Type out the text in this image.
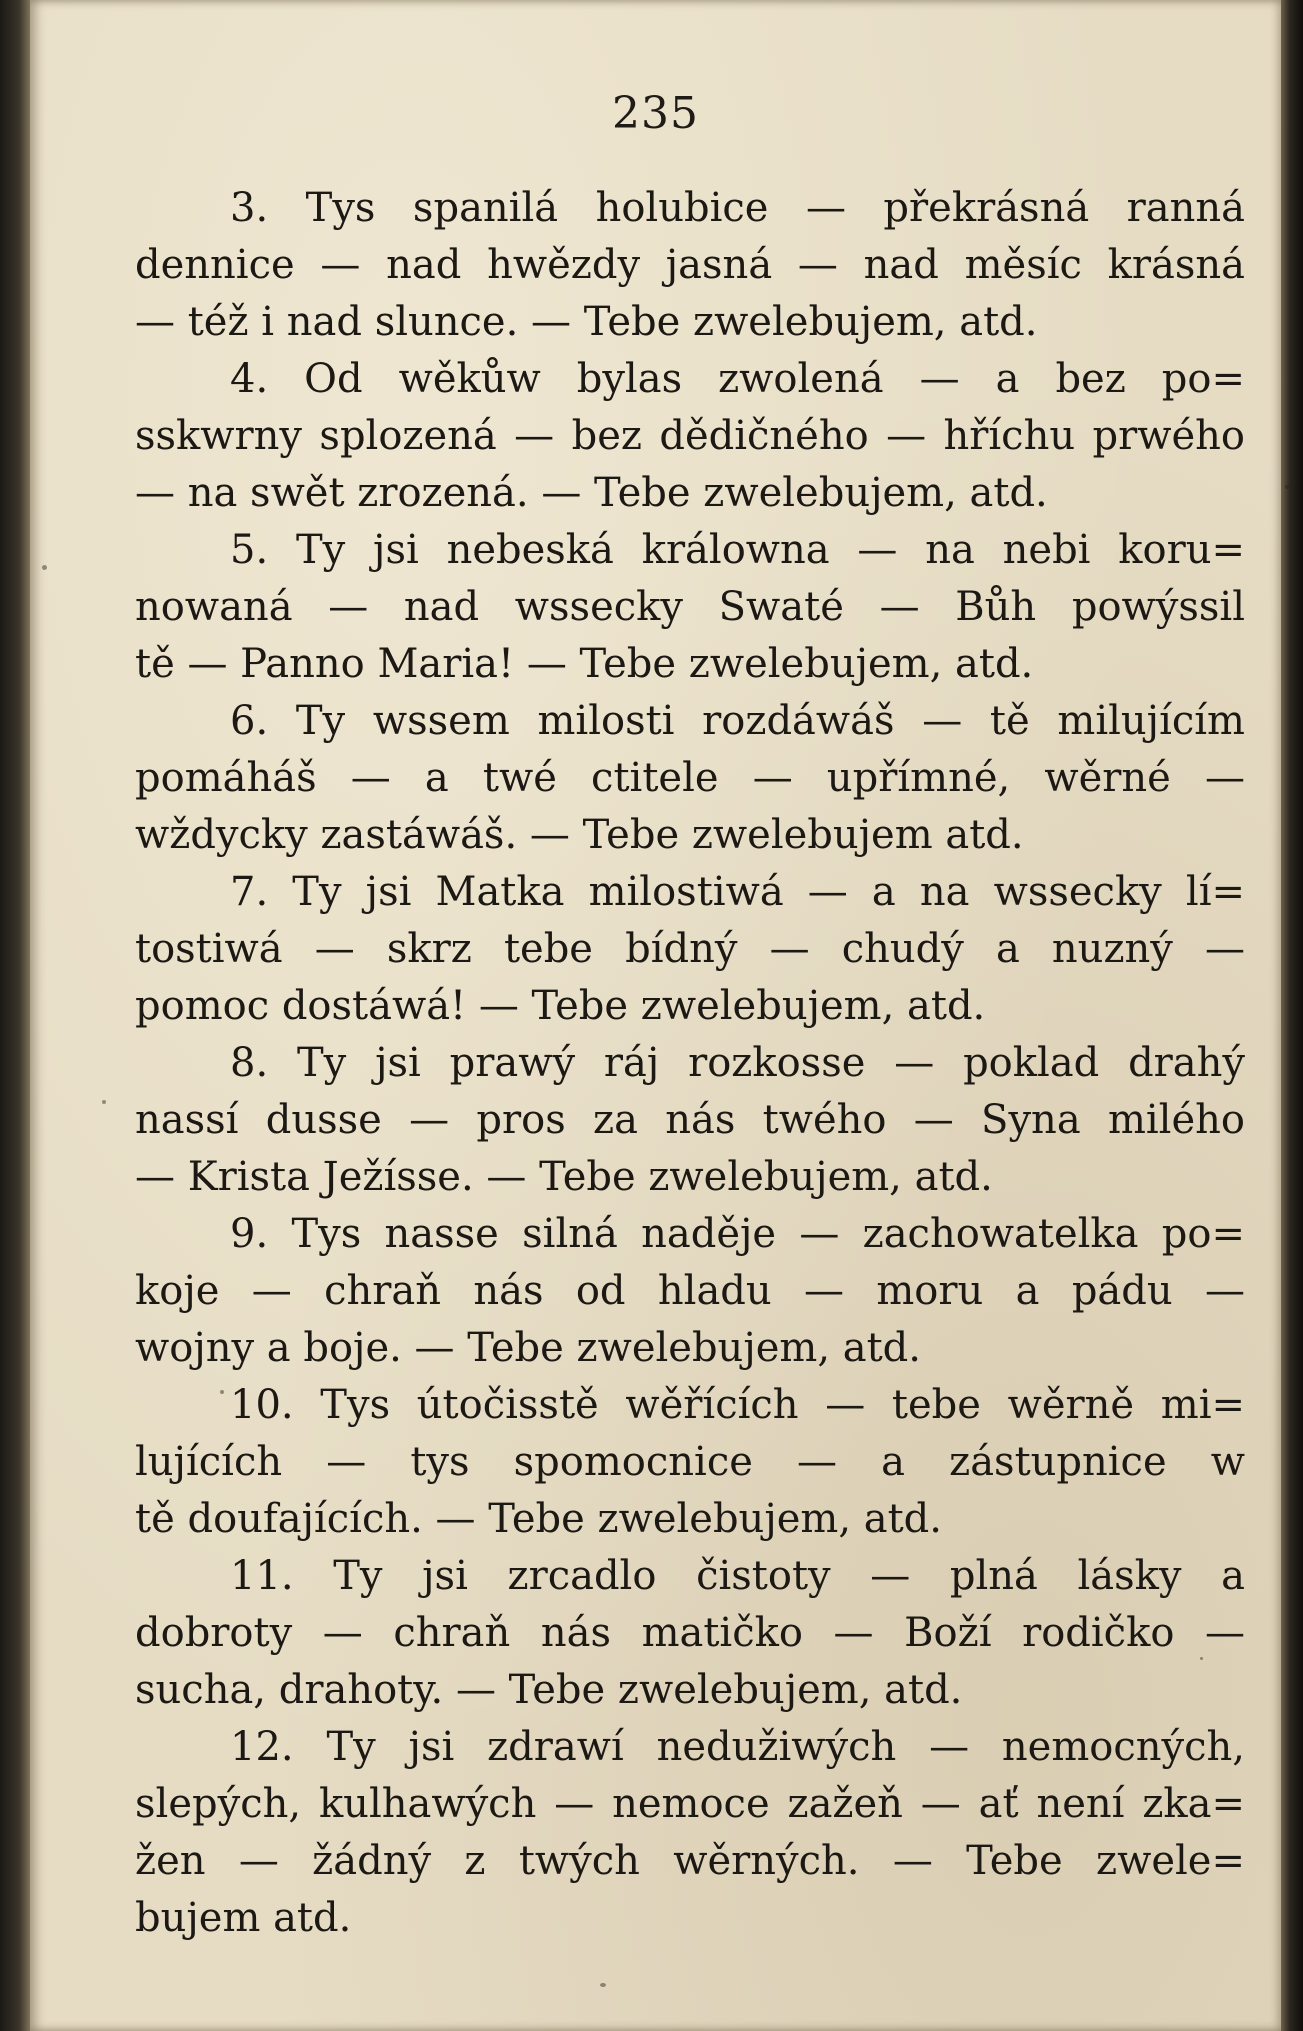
235
3. Tys spanilá holubice — překrásná ranná
dennice — nad hwězdy jasná — nad měsíc krásná
— též i nad slunce. — Tebe zwelebujem, atd.
4. Od wěkůw bylas zwolená — a bez po=
sskwrny splozená — bez dědičného — hříchu prwého
— na swět zrozená. — Tebe zwelebujem, atd.
5. Ty jsi nebeská králowna — na nebi koru=
nowaná — nad wssecky Swaté — Bůh powýssil
tě — Panno Maria! — Tebe zwelebujem, atd.
6. Ty wssem milosti rozdáwáš — tě milujícím
pomáháš — a twé ctitele — upřímné, wěrné —
wždycky zastáwáš. — Tebe zwelebujem atd.
7. Ty jsi Matka milostiwá — a na wssecky lí=
tostiwá — skrz tebe bídný — chudý a nuzný —
pomoc dostáwá! — Tebe zwelebujem, atd.
8. Ty jsi prawý ráj rozkosse — poklad drahý
nassí dusse — pros za nás twého — Syna milého
— Krista Ježísse. — Tebe zwelebujem, atd.
9. Tys nasse silná naděje — zachowatelka po=
koje — chraň nás od hladu — moru a pádu —
wojny a boje. — Tebe zwelebujem, atd.
10. Tys útočisstě wěřících — tebe wěrně mi=
lujících — tys spomocnice — a zástupnice w
tě doufajících. — Tebe zwelebujem, atd.
11. Ty jsi zrcadlo čistoty — plná lásky a
dobroty — chraň nás matičko — Boží rodičko —
sucha, drahoty. — Tebe zwelebujem, atd.
12. Ty jsi zdrawí nedužiwých — nemocných,
slepých, kulhawých — nemoce zažeň — ať není zka=
žen — žádný z twých wěrných. — Tebe zwele=
bujem atd.
